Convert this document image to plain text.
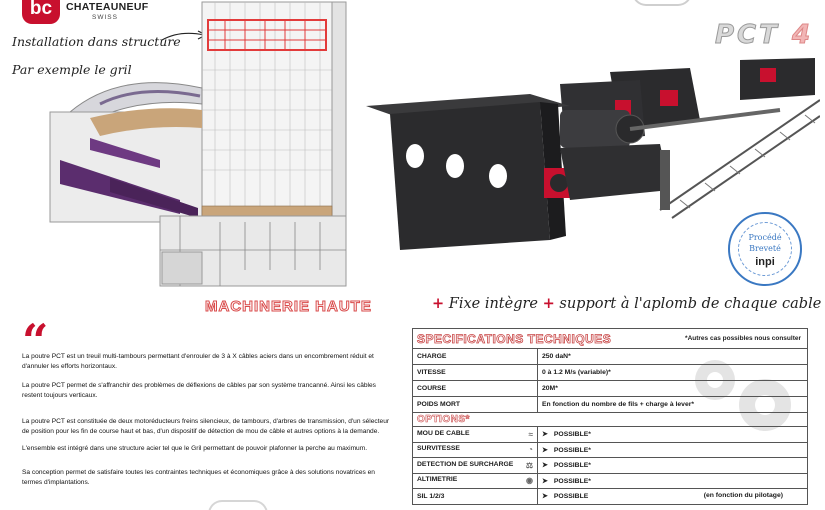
bc	CHATEAUNEUF
SWISS
Installation dans structure
Par exemple le gril
PCT 4
MACHINERIE HAUTE	+ Fixe intègre + support à l'aplomb de chaque cable
Procédé
Breveté
inpi
“

La poutre PCT est un treuil multi-tambours permettant d'enrouler de 3 à X câbles aciers dans un encombrement réduit et d'annuler les efforts horizontaux.

La poutre PCT permet de s'affranchir des problèmes de déflexions de câbles par son système trancanné. Ainsi les câbles restent toujours verticaux.

La poutre PCT est constituée de deux motoréducteurs freins silencieux, de tambours, d'arbres de transmission, d'un sélecteur de position pour les fin de course haut et bas, d'un dispositif de détection de mou de câble et autres options à la demande.

L'ensemble est intégré dans une structure acier tel que le Gril permettant de pouvoir plafonner la perche au maximum.

Sa conception permet de satisfaire toutes les contraintes techniques et économiques grâce à des solutions novatrices en termes d'implantations.

SPECIFICATIONS TECHNIQUES	*Autres cas possibles nous consulter
CHARGE	250 daN*
VITESSE	0 à 1.2 M/s (variable)*
COURSE	20M*
POIDS MORT	En fonction du nombre de fils + charge à lever*
OPTIONS*	
MOU DE CABLE ≈	➤ POSSIBLE*
SURVITESSE ◔	➤ POSSIBLE*
DETECTION DE SURCHARGE ⚖	➤ POSSIBLE*
ALTIMETRIE ◉	➤ POSSIBLE*
SIL 1/2/3	➤ POSSIBLE (en fonction du pilotage)
